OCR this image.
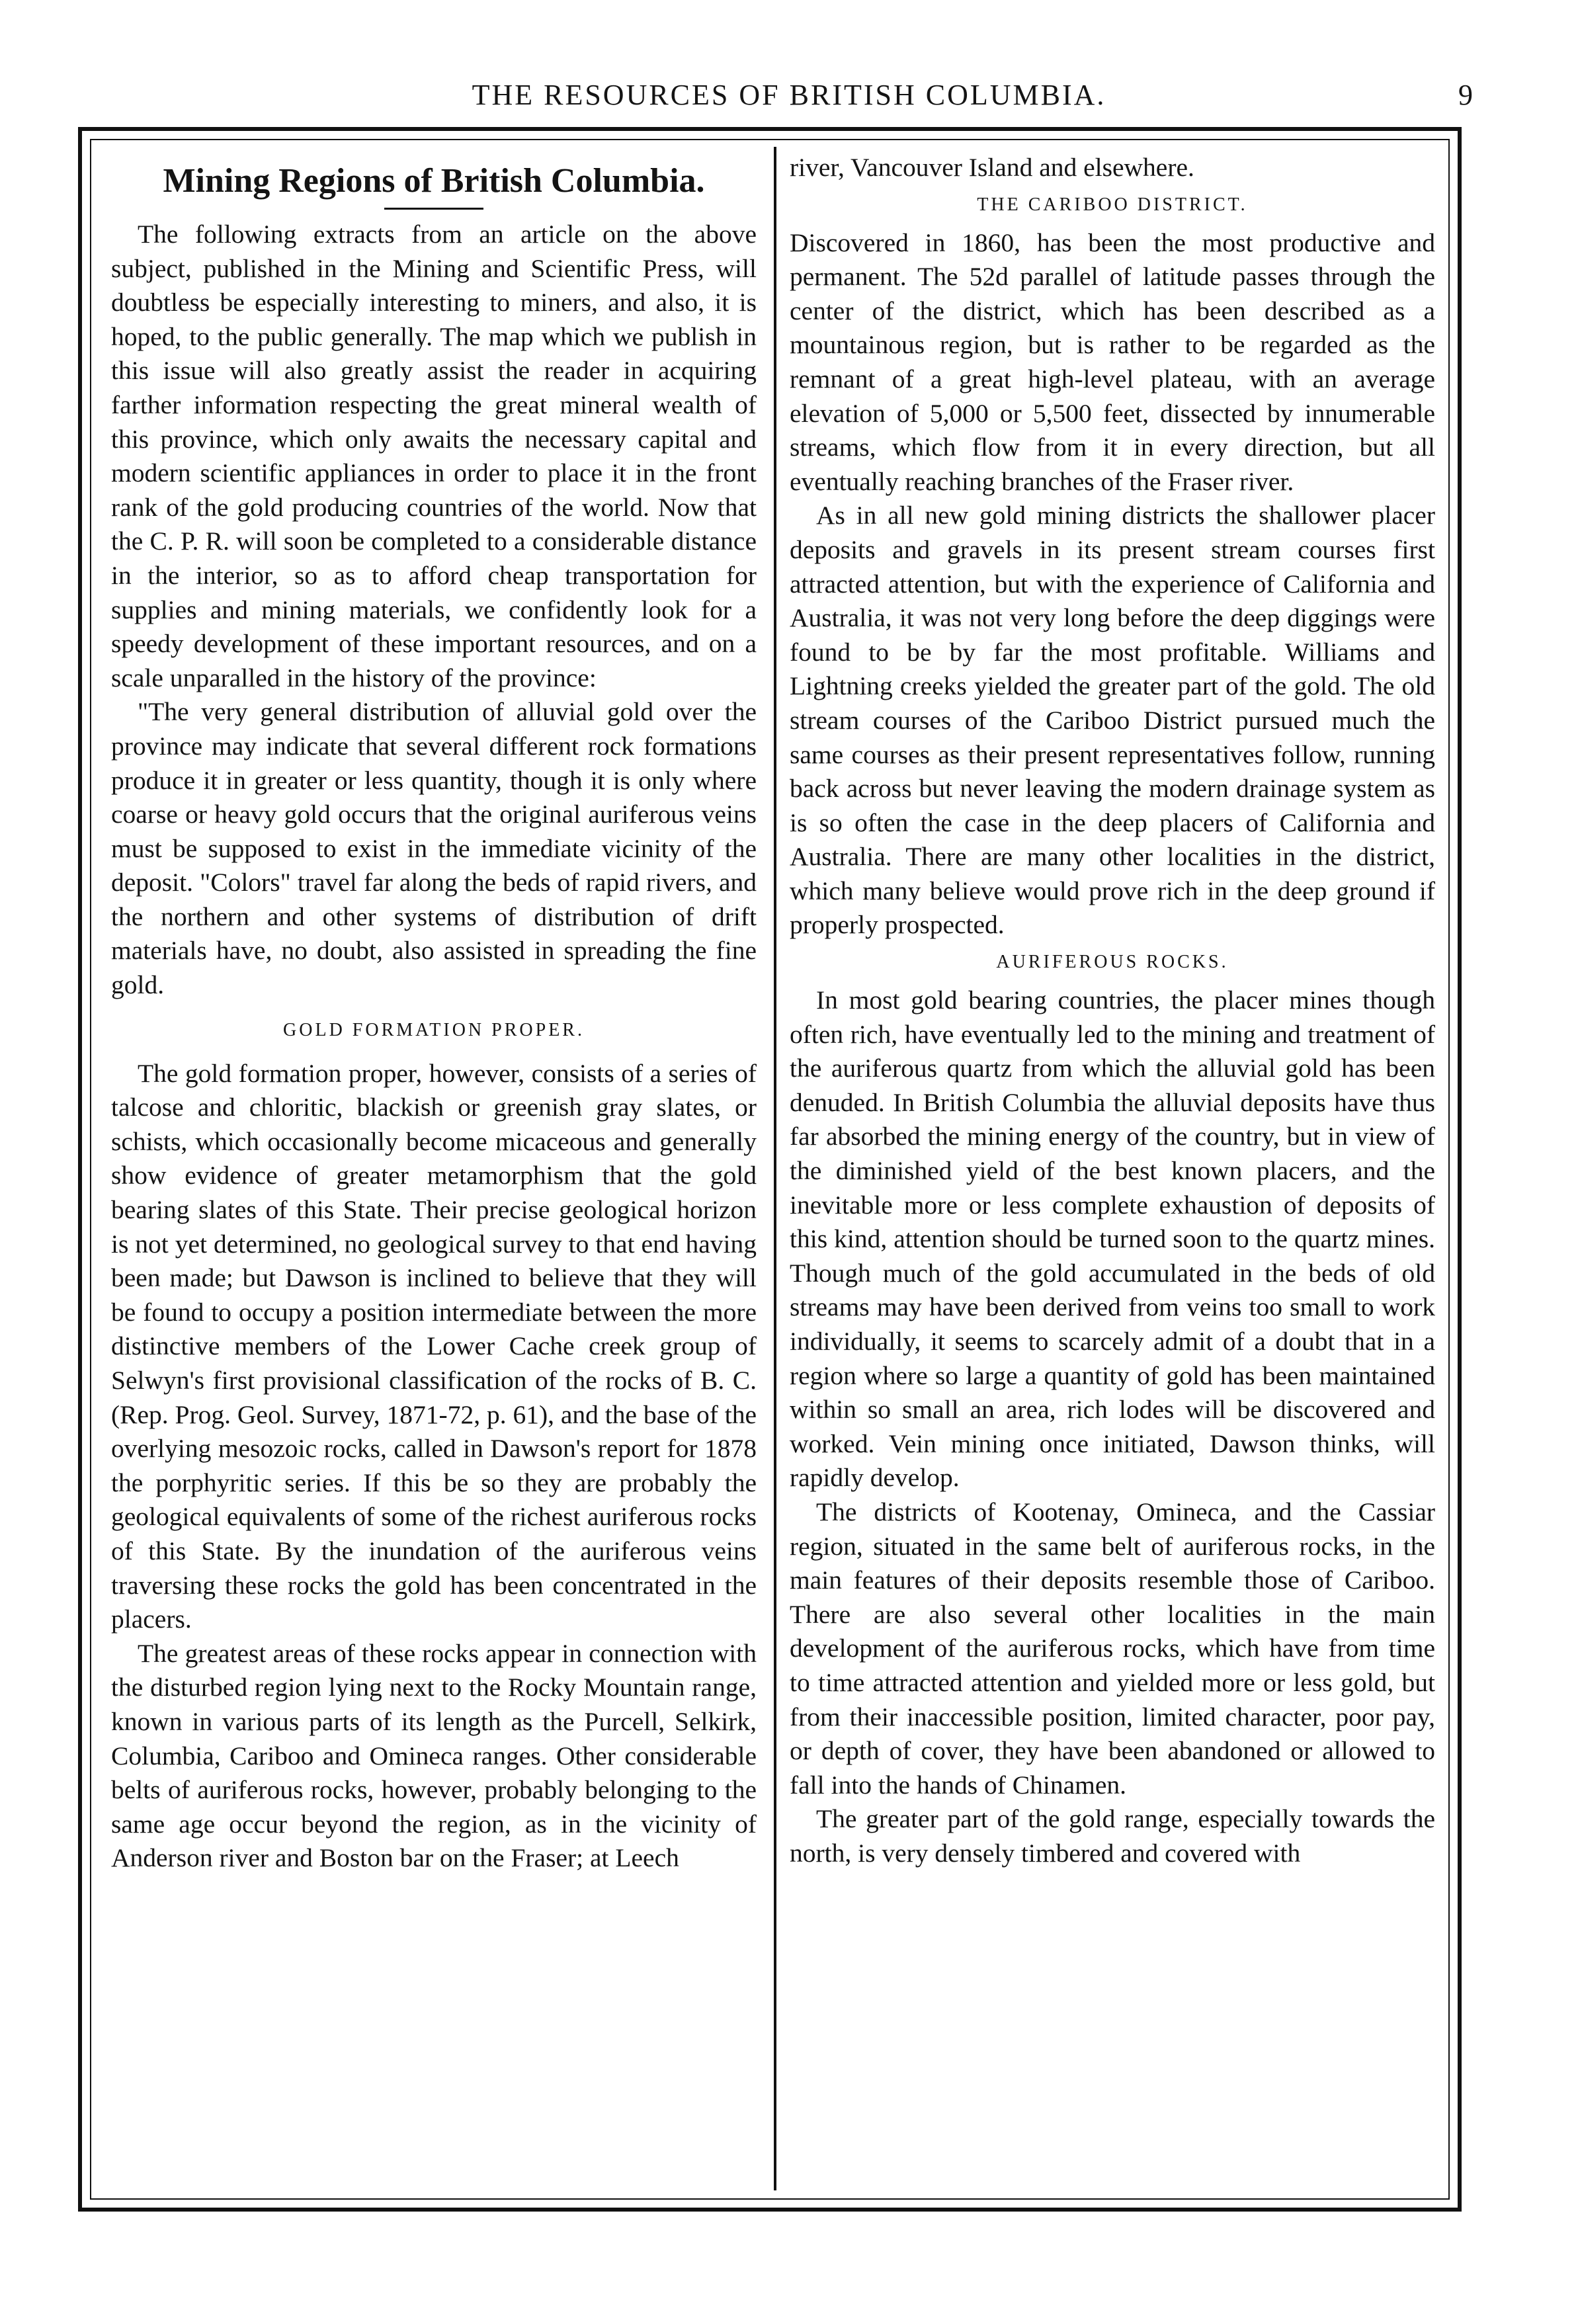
THE RESOURCES OF BRITISH COLUMBIA.	9
Mining Regions of British Columbia.

The following extracts from an article on the above subject, published in the Mining and Scientific Press, will doubtless be especially interesting to miners, and also, it is hoped, to the public generally. The map which we publish in this issue will also greatly assist the reader in acquiring farther information respecting the great mineral wealth of this province, which only awaits the necessary capital and modern scientific appliances in order to place it in the front rank of the gold producing countries of the world. Now that the C. P. R. will soon be completed to a considerable distance in the interior, so as to afford cheap transportation for supplies and mining materials, we confidently look for a speedy development of these important resources, and on a scale unparalled in the history of the province:

"The very general distribution of alluvial gold over the province may indicate that several different rock formations produce it in greater or less quantity, though it is only where coarse or heavy gold occurs that the original auriferous veins must be supposed to exist in the immediate vicinity of the deposit. "Colors" travel far along the beds of rapid rivers, and the northern and other systems of distribution of drift materials have, no doubt, also assisted in spreading the fine gold.

GOLD FORMATION PROPER.

The gold formation proper, however, consists of a series of talcose and chloritic, blackish or greenish gray slates, or schists, which occasionally become micaceous and generally show evidence of greater metamorphism that the gold bearing slates of this State. Their precise geological horizon is not yet determined, no geological survey to that end having been made; but Dawson is inclined to believe that they will be found to occupy a position intermediate between the more distinctive members of the Lower Cache creek group of Selwyn's first provisional classification of the rocks of B. C. (Rep. Prog. Geol. Survey, 1871-72, p. 61), and the base of the overlying mesozoic rocks, called in Dawson's report for 1878 the porphyritic series. If this be so they are probably the geological equivalents of some of the richest auriferous rocks of this State. By the inundation of the auriferous veins traversing these rocks the gold has been concentrated in the placers.

The greatest areas of these rocks appear in connection with the disturbed region lying next to the Rocky Mountain range, known in various parts of its length as the Purcell, Selkirk, Columbia, Cariboo and Omineca ranges. Other considerable belts of auriferous rocks, however, probably belonging to the same age occur beyond the region, as in the vicinity of Anderson river and Boston bar on the Fraser; at Leech

river, Vancouver Island and elsewhere.

THE CARIBOO DISTRICT.

Discovered in 1860, has been the most productive and permanent. The 52d parallel of latitude passes through the center of the district, which has been described as a mountainous region, but is rather to be regarded as the remnant of a great high-level plateau, with an average elevation of 5,000 or 5,500 feet, dissected by innumerable streams, which flow from it in every direction, but all eventually reaching branches of the Fraser river.

As in all new gold mining districts the shallower placer deposits and gravels in its present stream courses first attracted attention, but with the experience of California and Australia, it was not very long before the deep diggings were found to be by far the most profitable. Williams and Lightning creeks yielded the greater part of the gold. The old stream courses of the Cariboo District pursued much the same courses as their present representatives follow, running back across but never leaving the modern drainage system as is so often the case in the deep placers of California and Australia. There are many other localities in the district, which many believe would prove rich in the deep ground if properly prospected.

AURIFEROUS ROCKS.

In most gold bearing countries, the placer mines though often rich, have eventually led to the mining and treatment of the auriferous quartz from which the alluvial gold has been denuded. In British Columbia the alluvial deposits have thus far absorbed the mining energy of the country, but in view of the diminished yield of the best known placers, and the inevitable more or less complete exhaustion of deposits of this kind, attention should be turned soon to the quartz mines. Though much of the gold accumulated in the beds of old streams may have been derived from veins too small to work individually, it seems to scarcely admit of a doubt that in a region where so large a quantity of gold has been maintained within so small an area, rich lodes will be discovered and worked. Vein mining once initiated, Dawson thinks, will rapidly develop.

The districts of Kootenay, Omineca, and the Cassiar region, situated in the same belt of auriferous rocks, in the main features of their deposits resemble those of Cariboo. There are also several other localities in the main development of the auriferous rocks, which have from time to time attracted attention and yielded more or less gold, but from their inaccessible position, limited character, poor pay, or depth of cover, they have been abandoned or allowed to fall into the hands of Chinamen.

The greater part of the gold range, especially towards the north, is very densely timbered and covered with
